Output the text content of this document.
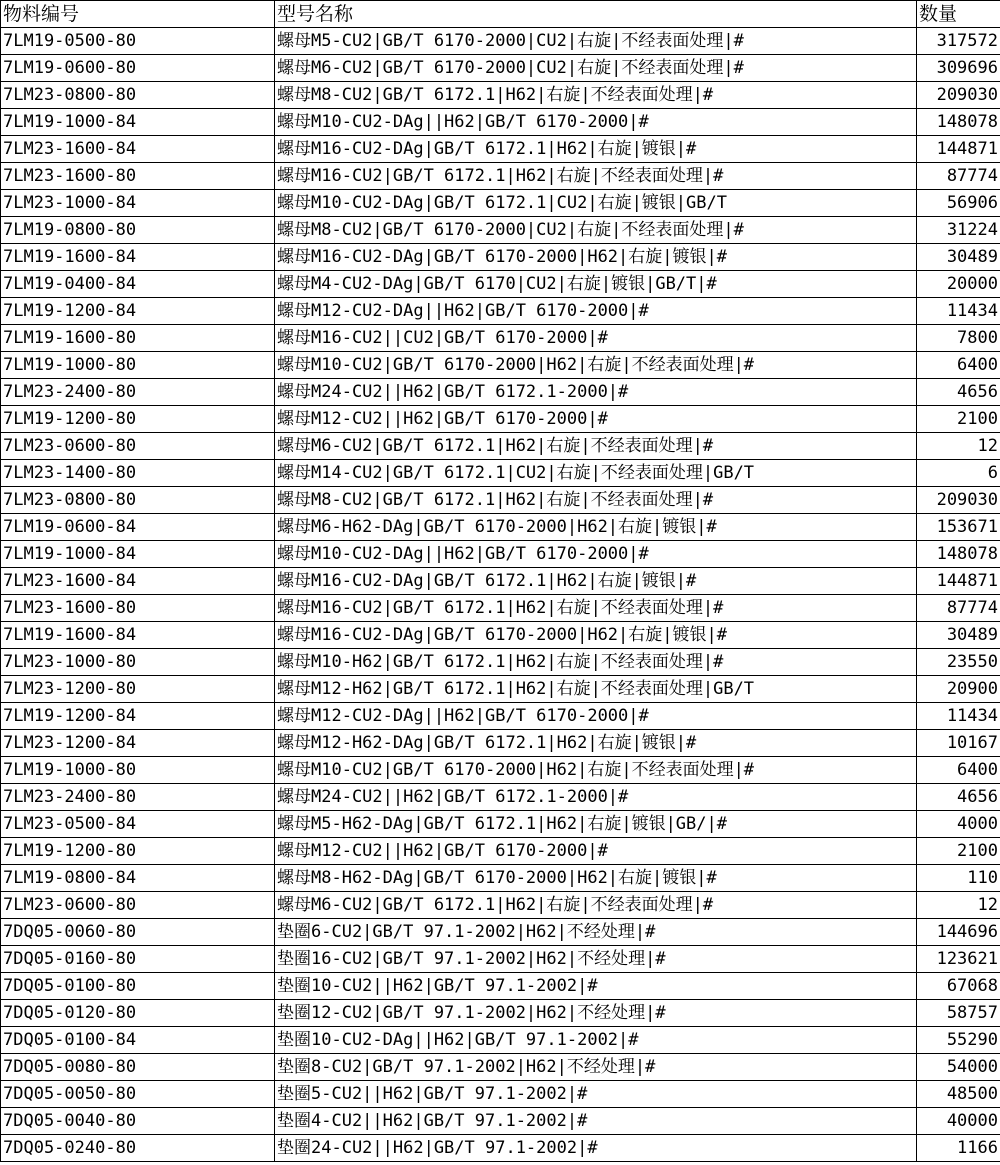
物料编号	型号名称	数量
7LM19-0500-80	螺母M5-CU2|GB/T 6170-2000|CU2|右旋|不经表面处理|#	317572
7LM19-0600-80	螺母M6-CU2|GB/T 6170-2000|CU2|右旋|不经表面处理|#	309696
7LM23-0800-80	螺母M8-CU2|GB/T 6172.1|H62|右旋|不经表面处理|#	209030
7LM19-1000-84	螺母M10-CU2-DAg||H62|GB/T 6170-2000|#	148078
7LM23-1600-84	螺母M16-CU2-DAg|GB/T 6172.1|H62|右旋|镀银|#	144871
7LM23-1600-80	螺母M16-CU2|GB/T 6172.1|H62|右旋|不经表面处理|#	87774
7LM23-1000-84	螺母M10-CU2-DAg|GB/T 6172.1|CU2|右旋|镀银|GB/T	56906
7LM19-0800-80	螺母M8-CU2|GB/T 6170-2000|CU2|右旋|不经表面处理|#	31224
7LM19-1600-84	螺母M16-CU2-DAg|GB/T 6170-2000|H62|右旋|镀银|#	30489
7LM19-0400-84	螺母M4-CU2-DAg|GB/T 6170|CU2|右旋|镀银|GB/T|#	20000
7LM19-1200-84	螺母M12-CU2-DAg||H62|GB/T 6170-2000|#	11434
7LM19-1600-80	螺母M16-CU2||CU2|GB/T 6170-2000|#	7800
7LM19-1000-80	螺母M10-CU2|GB/T 6170-2000|H62|右旋|不经表面处理|#	6400
7LM23-2400-80	螺母M24-CU2||H62|GB/T 6172.1-2000|#	4656
7LM19-1200-80	螺母M12-CU2||H62|GB/T 6170-2000|#	2100
7LM23-0600-80	螺母M6-CU2|GB/T 6172.1|H62|右旋|不经表面处理|#	12
7LM23-1400-80	螺母M14-CU2|GB/T 6172.1|CU2|右旋|不经表面处理|GB/T	6
7LM23-0800-80	螺母M8-CU2|GB/T 6172.1|H62|右旋|不经表面处理|#	209030
7LM19-0600-84	螺母M6-H62-DAg|GB/T 6170-2000|H62|右旋|镀银|#	153671
7LM19-1000-84	螺母M10-CU2-DAg||H62|GB/T 6170-2000|#	148078
7LM23-1600-84	螺母M16-CU2-DAg|GB/T 6172.1|H62|右旋|镀银|#	144871
7LM23-1600-80	螺母M16-CU2|GB/T 6172.1|H62|右旋|不经表面处理|#	87774
7LM19-1600-84	螺母M16-CU2-DAg|GB/T 6170-2000|H62|右旋|镀银|#	30489
7LM23-1000-80	螺母M10-H62|GB/T 6172.1|H62|右旋|不经表面处理|#	23550
7LM23-1200-80	螺母M12-H62|GB/T 6172.1|H62|右旋|不经表面处理|GB/T	20900
7LM19-1200-84	螺母M12-CU2-DAg||H62|GB/T 6170-2000|#	11434
7LM23-1200-84	螺母M12-H62-DAg|GB/T 6172.1|H62|右旋|镀银|#	10167
7LM19-1000-80	螺母M10-CU2|GB/T 6170-2000|H62|右旋|不经表面处理|#	6400
7LM23-2400-80	螺母M24-CU2||H62|GB/T 6172.1-2000|#	4656
7LM23-0500-84	螺母M5-H62-DAg|GB/T 6172.1|H62|右旋|镀银|GB/|#	4000
7LM19-1200-80	螺母M12-CU2||H62|GB/T 6170-2000|#	2100
7LM19-0800-84	螺母M8-H62-DAg|GB/T 6170-2000|H62|右旋|镀银|#	110
7LM23-0600-80	螺母M6-CU2|GB/T 6172.1|H62|右旋|不经表面处理|#	12
7DQ05-0060-80	垫圈6-CU2|GB/T 97.1-2002|H62|不经处理|#	144696
7DQ05-0160-80	垫圈16-CU2|GB/T 97.1-2002|H62|不经处理|#	123621
7DQ05-0100-80	垫圈10-CU2||H62|GB/T 97.1-2002|#	67068
7DQ05-0120-80	垫圈12-CU2|GB/T 97.1-2002|H62|不经处理|#	58757
7DQ05-0100-84	垫圈10-CU2-DAg||H62|GB/T 97.1-2002|#	55290
7DQ05-0080-80	垫圈8-CU2|GB/T 97.1-2002|H62|不经处理|#	54000
7DQ05-0050-80	垫圈5-CU2||H62|GB/T 97.1-2002|#	48500
7DQ05-0040-80	垫圈4-CU2||H62|GB/T 97.1-2002|#	40000
7DQ05-0240-80	垫圈24-CU2||H62|GB/T 97.1-2002|#	1166
